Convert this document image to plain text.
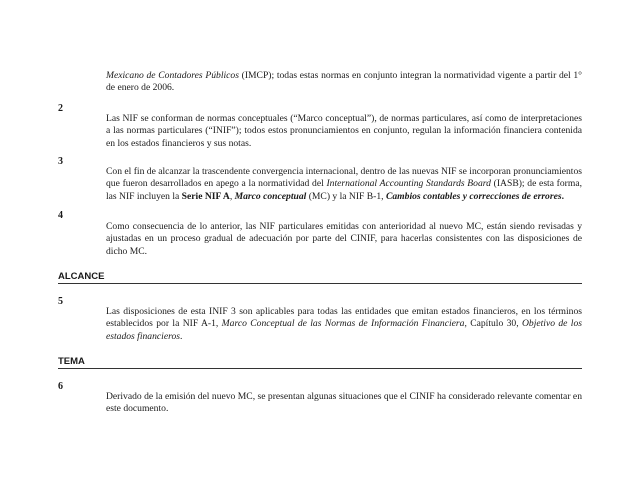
Mexicano de Contadores Públicos (IMCP); todas estas normas en conjunto integran la normatividad vigente a partir del 1° de enero de 2006.
2
Las NIF se conforman de normas conceptuales (“Marco conceptual”), de normas particulares, así como de interpretaciones a las normas particulares (“INIF”); todos estos pronunciamientos en conjunto, regulan la información financiera contenida en los estados financieros y sus notas.
3
Con el fin de alcanzar la trascendente convergencia internacional, dentro de las nuevas NIF se incorporan pronunciamientos que fueron desarrollados en apego a la normatividad del International Accounting Standards Board (IASB); de esta forma, las NIF incluyen la Serie NIF A, Marco conceptual (MC) y la NIF B-1, Cambios contables y correcciones de errores.
4
Como consecuencia de lo anterior, las NIF particulares emitidas con anterioridad al nuevo MC, están siendo revisadas y ajustadas en un proceso gradual de adecuación por parte del CINIF, para hacerlas consistentes con las disposiciones de dicho MC.
ALCANCE
5
Las disposiciones de esta INIF 3 son aplicables para todas las entidades que emitan estados financieros, en los términos establecidos por la NIF A-1, Marco Conceptual de las Normas de Información Financiera, Capítulo 30, Objetivo de los estados financieros.
TEMA
6
Derivado de la emisión del nuevo MC, se presentan algunas situaciones que el CINIF ha considerado relevante comentar en este documento.
